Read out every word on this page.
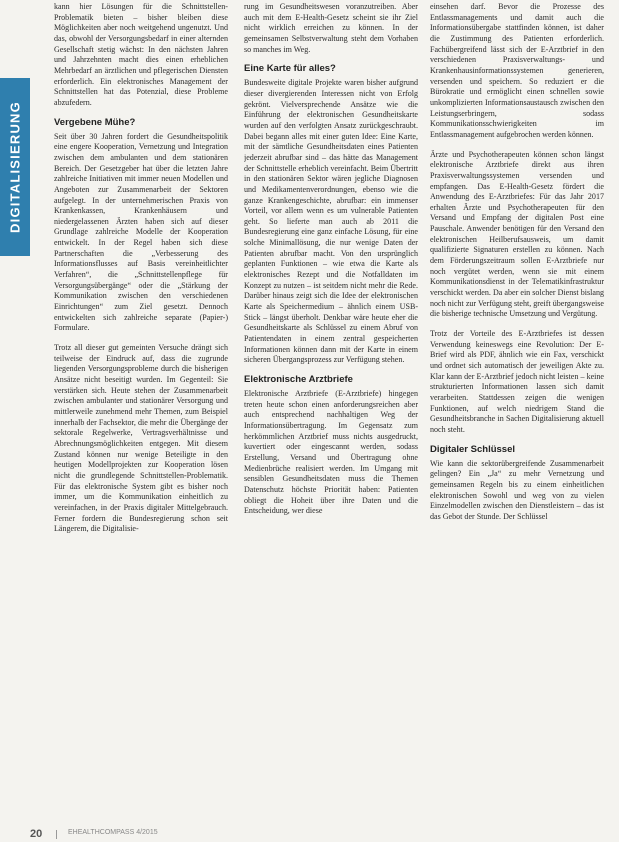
DIGITALISIERUNG

kann hier Lösungen für die Schnittstellen-Problematik bieten – bisher bleiben diese Möglichkeiten aber noch weitgehend ungenutzt. Und das, obwohl der Versorgungsbedarf in einer alternden Gesellschaft stetig wächst: In den nächsten Jahren und Jahrzehnten macht dies einen erheblichen Mehrbedarf an ärztlichen und pflegerischen Diensten erforderlich. Ein elektronisches Management der Schnittstellen hat das Potenzial, diese Probleme abzufedern.

Vergebene Mühe?

Seit über 30 Jahren fordert die Gesundheitspolitik eine engere Kooperation, Vernetzung und Integration zwischen dem ambulanten und dem stationären Bereich. Der Gesetzgeber hat über die letzten Jahre zahlreiche Initiativen mit immer neuen Modellen und Angeboten zur Zusammenarbeit der Sektoren aufgelegt. In der unternehmerischen Praxis von Krankenkassen, Krankenhäusern und niedergelassenen Ärzten haben sich auf dieser Grundlage zahlreiche Modelle der Kooperation entwickelt. In der Regel haben sich diese Partnerschaften die „Verbesserung des Informationsflusses auf Basis vereinheitlichter Verfahren“, die „Schnittstellenpflege für Versorgungsübergänge“ oder die „Stärkung der Kommunikation zwischen den verschiedenen Einrichtungen“ zum Ziel gesetzt. Dennoch entwickelten sich zahlreiche separate (Papier-) Formulare.

Trotz all dieser gut gemeinten Versuche drängt sich teilweise der Eindruck auf, dass die zugrunde liegenden Versorgungsprobleme durch die bisherigen Ansätze nicht beseitigt wurden. Im Gegenteil: Sie verstärken sich. Heute stehen der Zusammenarbeit zwischen ambulanter und stationärer Versorgung und mittlerweile zunehmend mehr Themen, zum Beispiel innerhalb der Fachsektor, die mehr die Übergänge der sektorale Regelwerke, Vertragsverhältnisse und Abrechnungsmöglichkeiten entgegen. Mit diesem Zustand können nur wenige Beteiligte in den heutigen Modellprojekten zur Kooperation lösen nicht die grundlegende Schnittstellen-Problematik. Für das elektronische System gibt es bisher noch immer, um die Kommunikation einheitlich zu vereinfachen, in der Praxis digitaler Mittelgebrauch. Ferner fordern die Bundesregierung schon seit Längerem, die Digitalisie-

rung im Gesundheitswesen voranzutreiben. Aber auch mit dem E-Health-Gesetz scheint sie ihr Ziel nicht wirklich erreichen zu können. In der gemeinsamen Selbstverwaltung steht dem Vorhaben so manches im Weg.

Eine Karte für alles?

Bundesweite digitale Projekte waren bisher aufgrund dieser divergierenden Interessen nicht von Erfolg gekrönt. Vielversprechende Ansätze wie die Einführung der elektronischen Gesundheitskarte wurden auf den verfolgten Ansatz zurückgeschraubt. Dabei begann alles mit einer guten Idee: Eine Karte, mit der sämtliche Gesundheitsdaten eines Patienten jederzeit abrufbar sind – das hätte das Management der Schnittstelle erheblich vereinfacht. Beim Übertritt in den stationären Sektor wären jegliche Diagnosen und Medikamentenverordnungen, ebenso wie die ganze Krankengeschichte, abrufbar: ein immenser Vorteil, vor allem wenn es um vulnerable Patienten geht. So lieferte man auch ab 2011 die Bundesregierung eine ganz einfache Lösung, für eine solche Minimallösung, die nur wenige Daten der Patienten abrufbar macht. Von den ursprünglich geplanten Funktionen – wie etwa die Karte als elektronisches Rezept und die Notfalldaten im Konzept zu nutzen – ist seitdem nicht mehr die Rede. Darüber hinaus zeigt sich die Idee der elektronischen Karte als Speichermedium – ähnlich einem USB-Stick – längst überholt. Denkbar wäre heute eher die Gesundheitskarte als Schlüssel zu einem Abruf von Patientendaten in einem zentral gespeicherten Informationen können dann mit der Karte in einem sicheren Übergangsprozess zur Verfügung stehen.

Elektronische Arztbriefe

Elektronische Arztbriefe (E-Arztbriefe) hingegen treten heute schon einen anforderungsreichen aber auch entsprechend nachhaltigen Weg der Informationsübertragung. Im Gegensatz zum herkömmlichen Arztbrief muss nichts ausgedruckt, kuvertiert oder eingescannt werden, sodass Erstellung, Versand und Übertragung ohne Medienbrüche realisiert werden. Im Umgang mit sensiblen Gesundheitsdaten muss die Themen Datenschutz höchste Priorität haben: Patienten obliegt die Hoheit über ihre Daten und die Entscheidung, wer diese

einsehen darf. Bevor die Prozesse des Entlassmanagements und damit auch die Informationsübergabe stattfinden können, ist daher die Zustimmung des Patienten erforderlich. Fachübergreifend lässt sich der E-Arztbrief in den verschiedenen Praxisverwaltungs- und Krankenhausinformationssystemen generieren, versenden und speichern. So reduziert er die Bürokratie und ermöglicht einen schnellen sowie unkomplizierten Informationsaustausch zwischen den Leistungserbringern, sodass Kommunikationsschwierigkeiten im Entlassmanagement aufgebrochen werden können.

Ärzte und Psychotherapeuten können schon längst elektronische Arztbriefe direkt aus ihren Praxisverwaltungssystemen versenden und empfangen. Das E-Health-Gesetz fördert die Anwendung des E-Arztbriefes: Für das Jahr 2017 erhalten Ärzte und Psychotherapeuten für den Versand und Empfang der digitalen Post eine Pauschale. Anwender benötigen für den Versand den elektronischen Heilberufsausweis, um damit qualifizierte Signaturen erstellen zu können. Nach dem Förderungszeitraum sollen E-Arztbriefe nur noch vergütet werden, wenn sie mit einem Kommunikationsdienst in der Telematikinfrastruktur verschickt werden. Da aber ein solcher Dienst bislang noch nicht zur Verfügung steht, greift übergangsweise die bisherige technische Umsetzung und Vergütung.

Trotz der Vorteile des E-Arztbriefes ist dessen Verwendung keineswegs eine Revolution: Der E-Brief wird als PDF, ähnlich wie ein Fax, verschickt und ordnet sich automatisch der jeweiligen Akte zu. Klar kann der E-Arztbrief jedoch nicht leisten – keine strukturierten Informationen lassen sich damit verarbeiten. Stattdessen zeigen die wenigen Funktionen, auf welch niedrigem Stand die Gesundheitsbranche in Sachen Digitalisierung aktuell noch steht.

Digitaler Schlüssel

Wie kann die sektorübergreifende Zusammenarbeit gelingen? Ein „Ja“ zu mehr Vernetzung und gemeinsamen Regeln bis zu einem einheitlichen elektronischen Sowohl und weg von zu vielen Einzelmodellen zwischen den Dienstleistern – das ist das Gebot der Stunde. Der Schlüssel

20	EHEALTHCOMPASS 4/2015
